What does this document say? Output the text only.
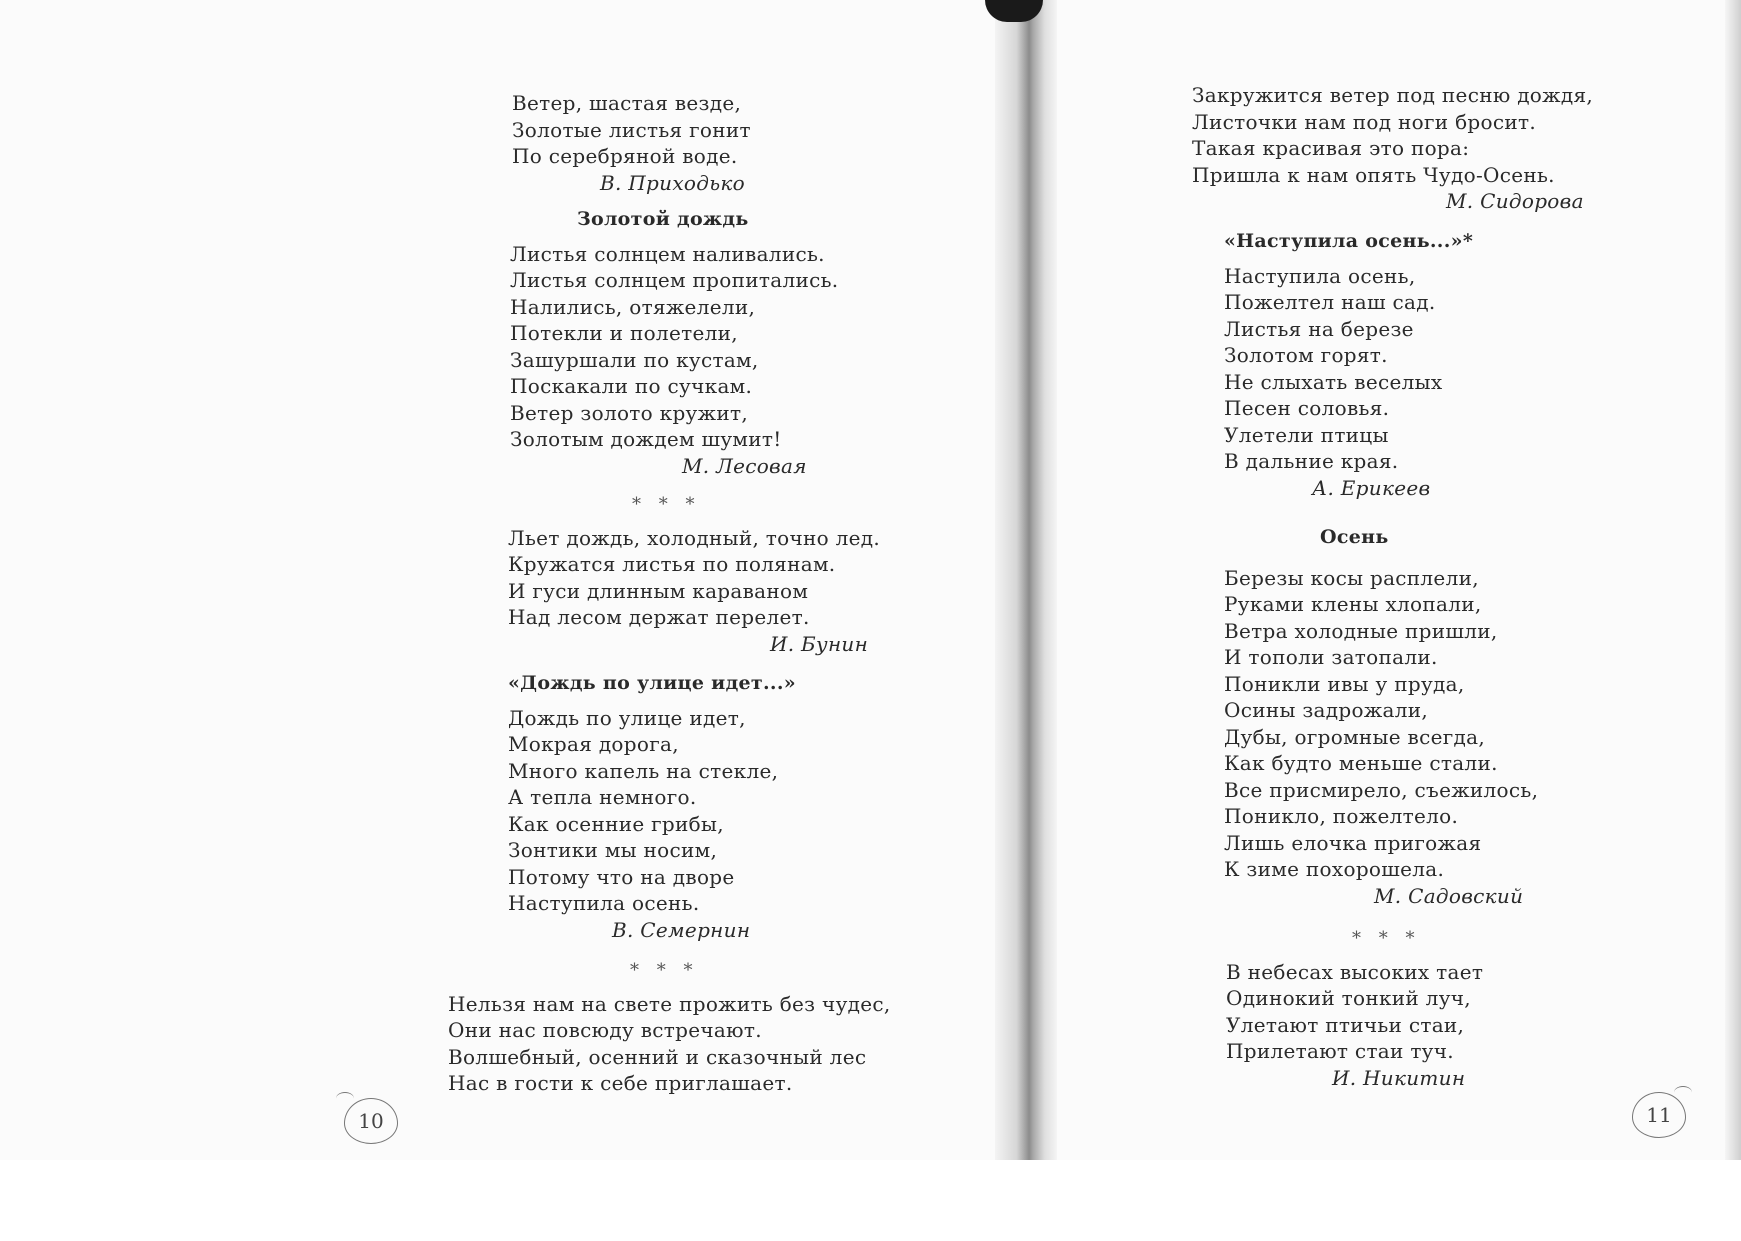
Ветер, шастая везде,
Золотые листья гонит
По серебряной воде.
В. Приходько
Золотой дождь
Листья солнцем наливались.
Листья солнцем пропитались.
Налились, отяжелели,
Потекли и полетели,
Зашуршали по кустам,
Поскакали по сучкам.
Ветер золото кружит,
Золотым дождем шумит!
М. Лесовая
* * *
Льет дождь, холодный, точно лед.
Кружатся листья по полянам.
И гуси длинным караваном
Над лесом держат перелет.
И. Бунин
«Дождь по улице идет...»
Дождь по улице идет,
Мокрая дорога,
Много капель на стекле,
А тепла немного.
Как осенние грибы,
Зонтики мы носим,
Потому что на дворе
Наступила осень.
В. Семернин
* * *
Нельзя нам на свете прожить без чудес,
Они нас повсюду встречают.
Волшебный, осенний и сказочный лес
Нас в гости к себе приглашает.
10
Закружится ветер под песню дождя,
Листочки нам под ноги бросит.
Такая красивая это пора:
Пришла к нам опять Чудо-Осень.
М. Сидорова
«Наступила осень...»*
Наступила осень,
Пожелтел наш сад.
Листья на березе
Золотом горят.
Не слыхать веселых
Песен соловья.
Улетели птицы
В дальние края.
А. Ерикеев
Осень
Березы косы расплели,
Руками клены хлопали,
Ветра холодные пришли,
И тополи затопали.
Поникли ивы у пруда,
Осины задрожали,
Дубы, огромные всегда,
Как будто меньше стали.
Все присмирело, съежилось,
Поникло, пожелтело.
Лишь елочка пригожая
К зиме похорошела.
М. Садовский
* * *
В небесах высоких тает
Одинокий тонкий луч,
Улетают птичьи стаи,
Прилетают стаи туч.
И. Никитин
11
